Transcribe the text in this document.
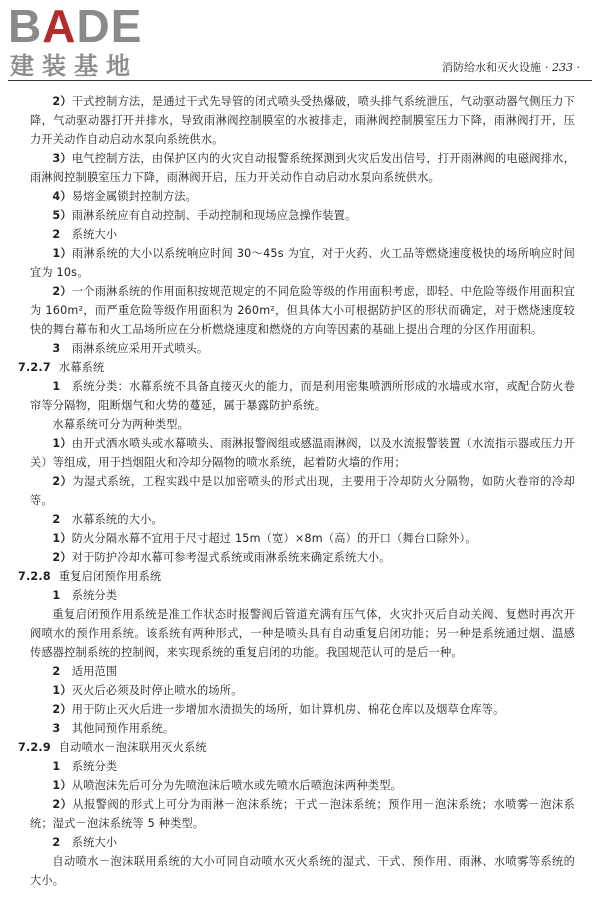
BADE
建装基地	消防给水和灭火设施 · 233 ·

2）干式控制方法，是通过干式先导管的闭式喷头受热爆破，喷头排气系统泄压，气动驱动器气侧压力下降，气动驱动器打开并排水，导致雨淋阀控制膜室的水被排走，雨淋阀控制膜室压力下降，雨淋阀打开，压力开关动作自动启动水泵向系统供水。

3）电气控制方法，由保护区内的火灾自动报警系统探测到火灾后发出信号，打开雨淋阀的电磁阀排水，雨淋阀控制膜室压力下降，雨淋阀开启，压力开关动作自动启动水泵向系统供水。

4）易熔金属锁封控制方法。

5）雨淋系统应有自动控制、手动控制和现场应急操作装置。

2  系统大小

1）雨淋系统的大小以系统响应时间 30～45s 为宜，对于火药、火工品等燃烧速度极快的场所响应时间宜为 10s。

2）一个雨淋系统的作用面积按规范规定的不同危险等级的作用面积考虑，即轻、中危险等级作用面积宜为 160m²，而严重危险等级作用面积为 260m²，但具体大小可根据防护区的形状而确定，对于燃烧速度较快的舞台幕布和火工品场所应在分析燃烧速度和燃烧的方向等因素的基础上提出合理的分区作用面积。

3  雨淋系统应采用开式喷头。

7.2.7 水幕系统

1  系统分类：水幕系统不具备直接灭火的能力，而是利用密集喷洒所形成的水墙或水帘，或配合防火卷帘等分隔物，阻断烟气和火势的蔓延，属于暴露防护系统。

水幕系统可分为两种类型。

1）由开式洒水喷头或水幕喷头、雨淋报警阀组或感温雨淋阀，以及水流报警装置（水流指示器或压力开关）等组成，用于挡烟阻火和冷却分隔物的喷水系统，起着防火墙的作用；

2）为湿式系统，工程实践中是以加密喷头的形式出现，主要用于冷却防火分隔物，如防火卷帘的冷却等。

2  水幕系统的大小。

1）防火分隔水幕不宜用于尺寸超过 15m（宽）×8m（高）的开口（舞台口除外）。

2）对于防护冷却水幕可参考湿式系统或雨淋系统来确定系统大小。

7.2.8 重复启闭预作用系统

1  系统分类

重复启闭预作用系统是准工作状态时报警阀后管道充满有压气体，火灾扑灭后自动关阀、复燃时再次开阀喷水的预作用系统。该系统有两种形式，一种是喷头具有自动重复启闭功能；另一种是系统通过烟、温感传感器控制系统的控制阀，来实现系统的重复启闭的功能。我国规范认可的是后一种。

2  适用范围

1）灭火后必须及时停止喷水的场所。

2）用于防止灭火后进一步增加水渍损失的场所，如计算机房、棉花仓库以及烟草仓库等。

3  其他同预作用系统。

7.2.9 自动喷水－泡沫联用灭火系统

1  系统分类

1）从喷泡沫先后可分为先喷泡沫后喷水或先喷水后喷泡沫两种类型。

2）从报警阀的形式上可分为雨淋－泡沫系统；干式－泡沫系统；预作用－泡沫系统；水喷雾－泡沫系统；湿式－泡沫系统等 5 种类型。

2  系统大小

自动喷水－泡沫联用系统的大小可同自动喷水灭火系统的湿式、干式、预作用、雨淋、水喷雾等系统的大小。
